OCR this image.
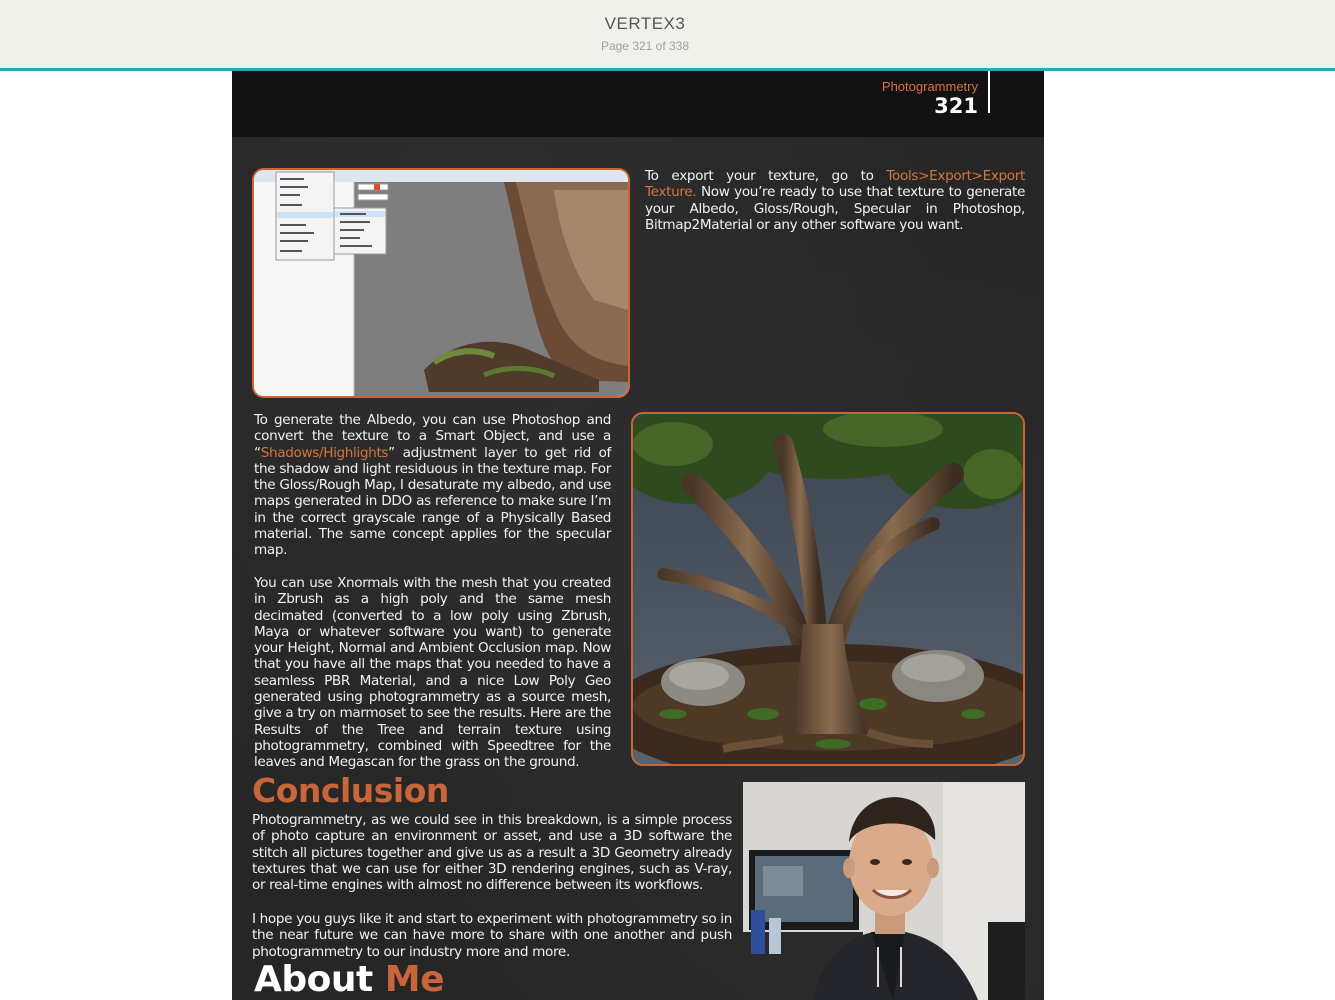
VERTEX3
Page 321 of 338
Photogrammetry
321
To export your texture, go to Tools>Export>Export Texture. Now you’re ready to use that texture to generate your Albedo, Gloss/Rough, Specular in Photoshop, Bitmap2Material or any other software you want.
To generate the Albedo, you can use Photoshop and convert the texture to a Smart Object, and use a “Shadows/Highlights” adjustment layer to get rid of the shadow and light residuous in the texture map. For the Gloss/Rough Map, I desaturate my albedo, and use maps generated in DDO as reference to make sure I’m in the correct grayscale range of a Physically Based material. The same concept applies for the specular map.
You can use Xnormals with the mesh that you created in Zbrush as a high poly and the same mesh decimated (converted to a low poly using Zbrush, Maya or whatever software you want) to generate your Height, Normal and Ambient Occlusion map. Now that you have all the maps that you needed to have a seamless PBR Material, and a nice Low Poly Geo generated using photogrammetry as a source mesh, give a try on marmoset to see the results. Here are the Results of the Tree and terrain texture using photogrammetry, combined with Speedtree for the leaves and Megascan for the grass on the ground.
Conclusion
Photogrammetry, as we could see in this breakdown, is a simple process of photo capture an environment or asset, and use a 3D software the stitch all pictures together and give us as a result a 3D Geometry already textures that we can use for either 3D rendering engines, such as V-ray, or real-time engines with almost no difference between its workflows.
I hope you guys like it and start to experiment with photogrammetry so in the near future we can have more to share with one another and push photogrammetry to our industry more and more.
About Me
